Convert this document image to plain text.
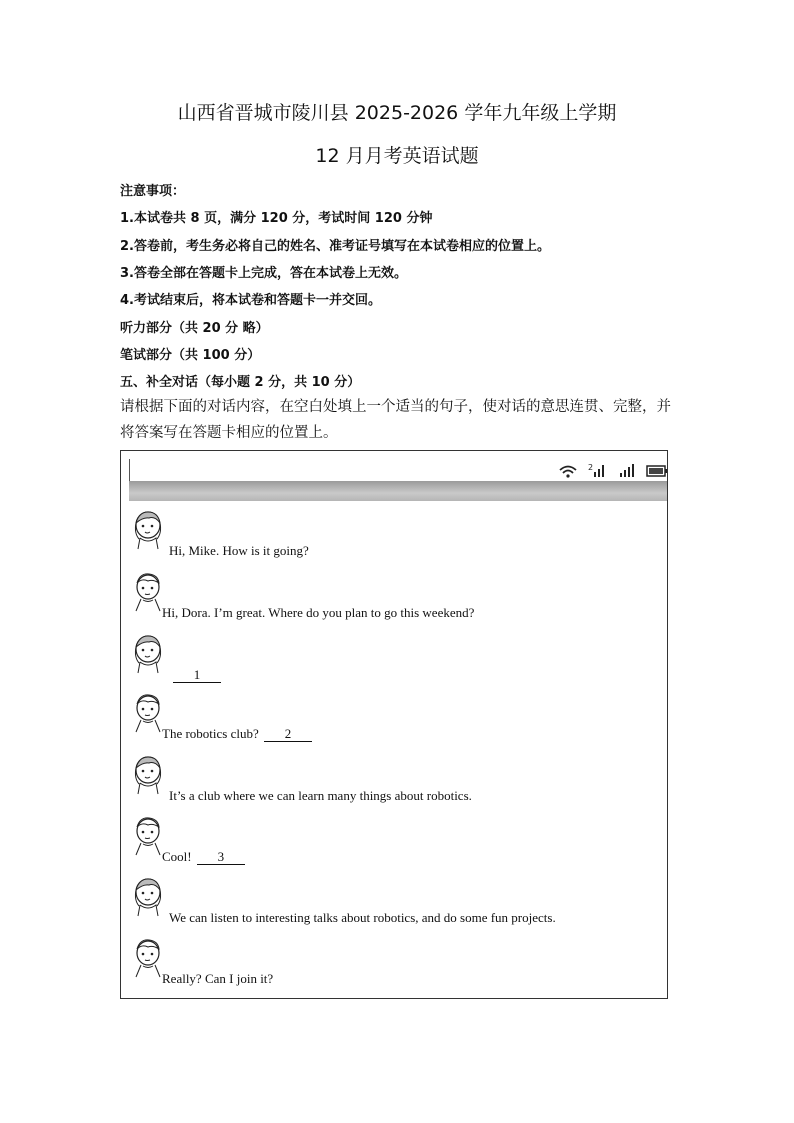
山西省晋城市陵川县 2025-2026 学年九年级上学期
12 月月考英语试题
注意事项：
1.本试卷共 8 页，满分 120 分，考试时间 120 分钟
2.答卷前，考生务必将自己的姓名、准考证号填写在本试卷相应的位置上。
3.答卷全部在答题卡上完成，答在本试卷上无效。
4.考试结束后，将本试卷和答题卡一并交回。
听力部分（共 20 分 略）
笔试部分（共 100 分）
五、补全对话（每小题 2 分，共 10 分）
请根据下面的对话内容，在空白处填上一个适当的句子，使对话的意思连贯、完整，并将答案写在答题卡相应的位置上。
2
Hi, Mike. How is it going?
Hi, Dora. I’m great. Where do you plan to go this weekend?
1
The robotics club? 2
It’s a club where we can learn many things about robotics.
Cool! 3
We can listen to interesting talks about robotics, and do some fun projects.
Really? Can I join it?
